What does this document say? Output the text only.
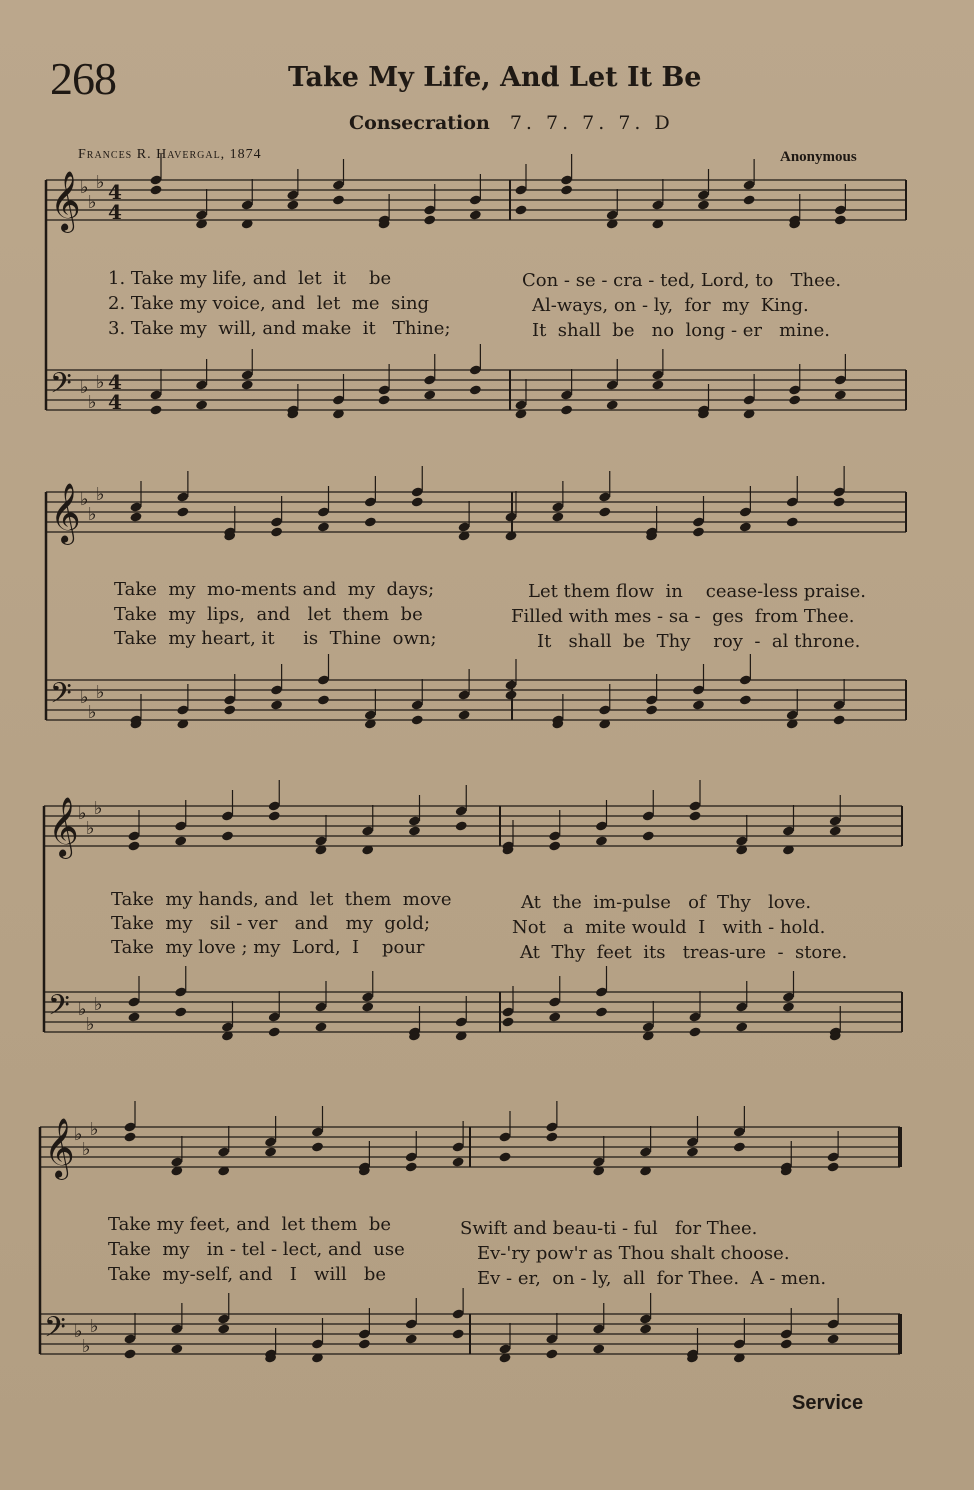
268	Take My Life, And Let It Be
Consecration 7. 7. 7. 7. D
Frances R. Havergal, 1874	Anonymous
𝄞 ♭
♭
♭ 4
4
𝄢 ♭
♭
♭ 4
4
𝄞 ♭
♭
♭
𝄢 ♭
♭
♭
𝄞 ♭
♭
♭
𝄢 ♭
♭
♭
𝄞 ♭
♭
♭
𝄢 ♭
♭
♭
1. Take my life, and  let  it    be	Con - se - cra - ted, Lord, to   Thee.
2. Take my voice, and  let  me  sing	Al-ways, on - ly,  for  my  King.
3. Take my  will, and make  it   Thine;	It  shall  be   no  long - er   mine.
Take  my  mo-ments and  my  days;	Let them flow  in    cease-less praise.
Take  my  lips,  and   let  them  be	Filled with mes - sa -  ges  from Thee.
Take  my heart, it     is  Thine  own;	It   shall  be  Thy    roy  -  al throne.
Take  my hands, and  let  them  move	At  the  im-pulse   of  Thy   love.
Take  my   sil - ver   and   my  gold;	Not   a  mite would  I   with - hold.
Take  my love ; my  Lord,  I    pour	At  Thy  feet  its   treas-ure  -  store.
Take my feet, and  let them  be	Swift and beau-ti - ful   for Thee.
Take  my   in - tel - lect, and  use	Ev-'ry pow'r as Thou shalt choose.
Take  my-self, and   I   will   be	Ev - er,  on - ly,  all  for Thee.  A - men.
Service
